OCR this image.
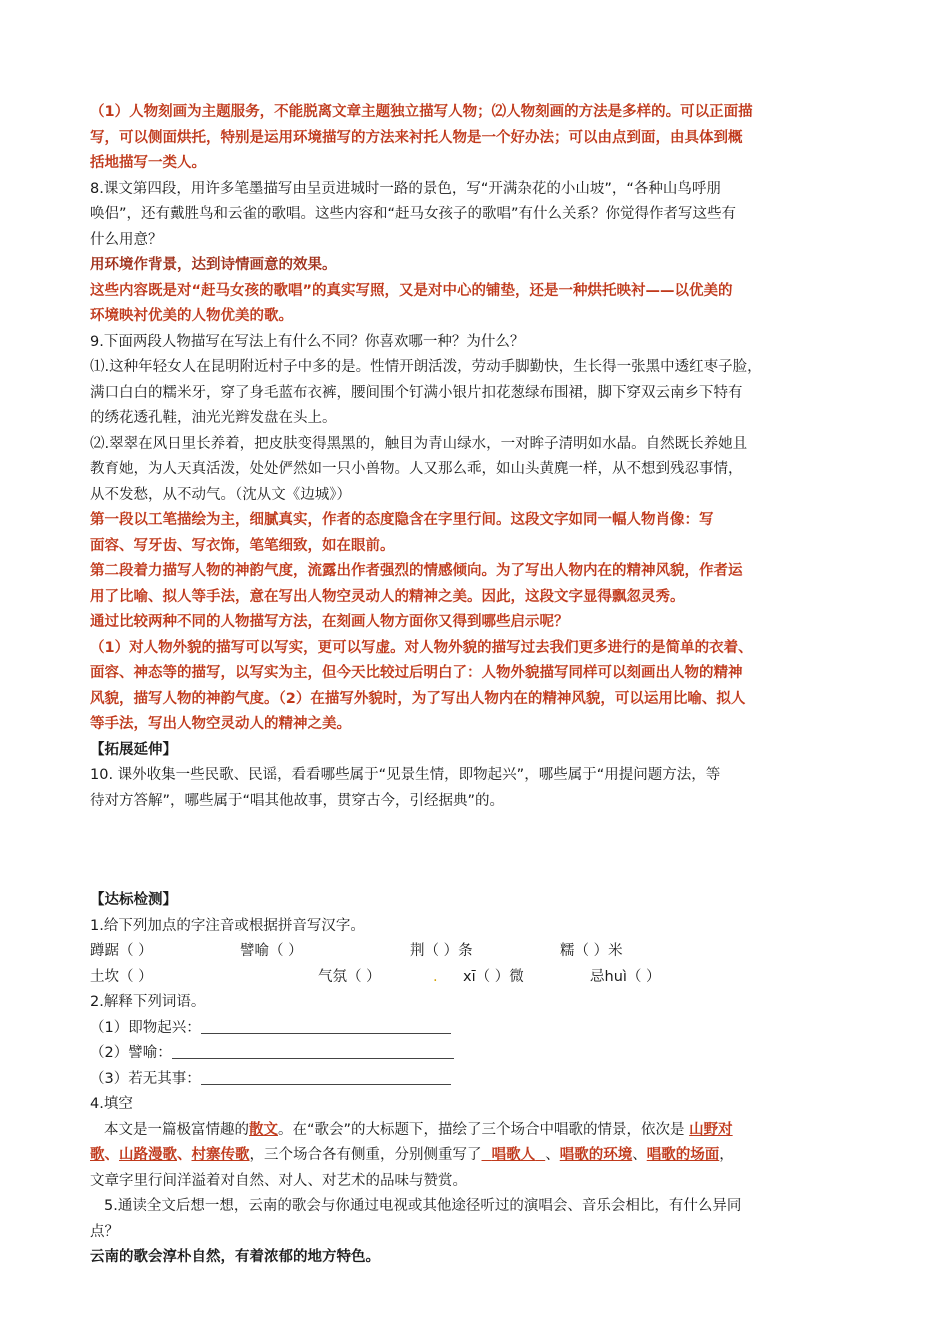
（1）人物刻画为主题服务，不能脱离文章主题独立描写人物；⑵人物刻画的方法是多样的。可以正面描
写，可以侧面烘托，特别是运用环境描写的方法来衬托人物是一个好办法；可以由点到面，由具体到概
括地描写一类人。
8.课文第四段，用许多笔墨描写由呈贡进城时一路的景色，写“开满杂花的小山坡”，“各种山鸟呼朋
唤侣”，还有戴胜鸟和云雀的歌唱。这些内容和“赶马女孩子的歌唱”有什么关系？你觉得作者写这些有
什么用意？
用环境作背景，达到诗情画意的效果。
这些内容既是对“赶马女孩的歌唱”的真实写照，又是对中心的铺垫，还是一种烘托映衬——以优美的
环境映衬优美的人物优美的歌。
9.下面两段人物描写在写法上有什么不同？你喜欢哪一种？为什么？
⑴.这种年轻女人在昆明附近村子中多的是。性情开朗活泼，劳动手脚勤快，生长得一张黑中透红枣子脸，
满口白白的糯米牙，穿了身毛蓝布衣裤，腰间围个钉满小银片扣花葱绿布围裙，脚下穿双云南乡下特有
的绣花透孔鞋，油光光辫发盘在头上。
⑵.翠翠在风日里长养着，把皮肤变得黑黑的，触目为青山绿水，一对眸子清明如水晶。自然既长养她且
教育她，为人天真活泼，处处俨然如一只小兽物。人又那么乖，如山头黄麂一样，从不想到残忍事情，
从不发愁，从不动气。（沈从文《边城》）
第一段以工笔描绘为主，细腻真实，作者的态度隐含在字里行间。这段文字如同一幅人物肖像：写
面容、写牙齿、写衣饰，笔笔细致，如在眼前。
第二段着力描写人物的神韵气度，流露出作者强烈的情感倾向。为了写出人物内在的精神风貌，作者运
用了比喻、拟人等手法，意在写出人物空灵动人的精神之美。因此，这段文字显得飘忽灵秀。
通过比较两种不同的人物描写方法，在刻画人物方面你又得到哪些启示呢？
（1）对人物外貌的描写可以写实，更可以写虚。对人物外貌的描写过去我们更多进行的是简单的衣着、
面容、神态等的描写，以写实为主，但今天比较过后明白了：人物外貌描写同样可以刻画出人物的精神
风貌，描写人物的神韵气度。（2）在描写外貌时，为了写出人物内在的精神风貌，可以运用比喻、拟人
等手法，写出人物空灵动人的精神之美。
【拓展延伸】
10. 课外收集一些民歌、民谣，看看哪些属于“见景生情，即物起兴”，哪些属于“用提问题方法，等
待对方答解”，哪些属于“唱其他故事，贯穿古今，引经据典”的。
【达标检测】
1.给下列加点的字注音或根据拼音写汉字。
蹲踞（ ）	譬喻（ ）	荆（ ）条	糯（ ）米
土坎（ ）	气氛（ ）	.	xī（ ）微	忌huì（ ）
2.解释下列词语。
（1）即物起兴：
（2）譬喻：
（3）若无其事：
4.填空
本文是一篇极富情趣的散文。在“歌会”的大标题下，描绘了三个场合中唱歌的情景，依次是 山野对
歌、山路漫歌、村寨传歌，三个场合各有侧重，分别侧重写了 唱歌人 、唱歌的环境、唱歌的场面，
文章字里行间洋溢着对自然、对人、对艺术的品味与赞赏。
5.通读全文后想一想，云南的歌会与你通过电视或其他途径听过的演唱会、音乐会相比，有什么异同
点？
云南的歌会淳朴自然，有着浓郁的地方特色。
